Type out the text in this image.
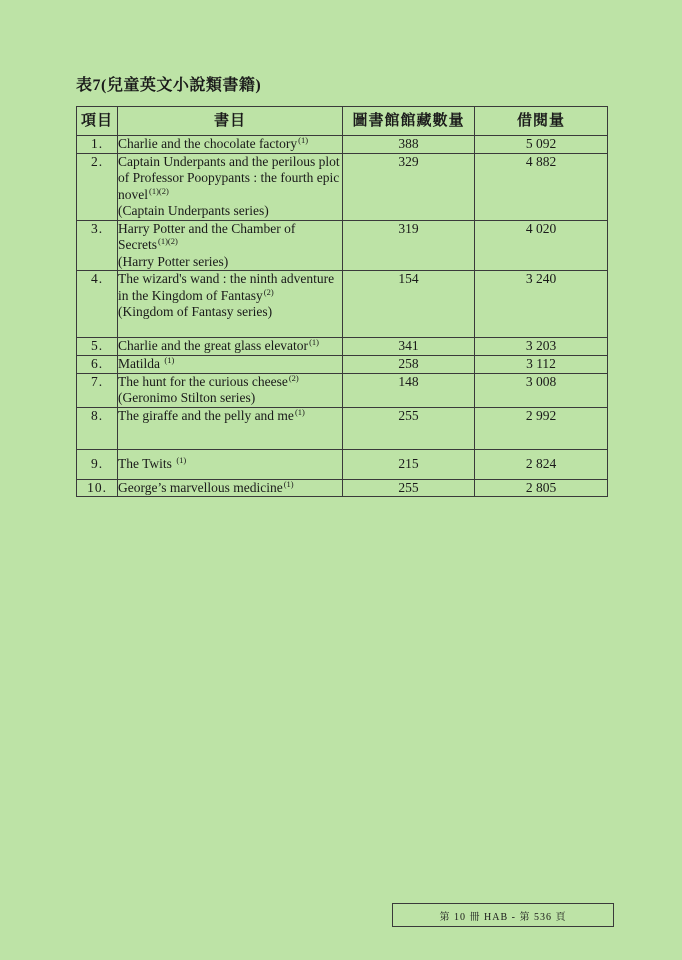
表7(兒童英文小說類書籍)
項目	書目	圖書館館藏數量	借閱量
1.	Charlie and the chocolate factory$^{(1)}$	388	5 092
2.	Captain Underpants and the perilous plot of Professor Poopypants : the fourth epic novel$^{(1)(2)}$
(Captain Underpants series)	329	4 882
3.	Harry Potter and the Chamber of Secrets$^{(1)(2)}$
(Harry Potter series)	319	4 020
4.	The wizard's wand : the ninth adventure in the Kingdom of Fantasy$^{(2)}$
(Kingdom of Fantasy series)	154	3 240
5.	Charlie and the great glass elevator$^{(1)}$	341	3 203
6.	Matilda $^{(1)}$	258	3 112
7.	The hunt for the curious cheese$^{(2)}$
(Geronimo Stilton series)	148	3 008
8.	The giraffe and the pelly and $me^{(1)}$	255	2 992
9.	The Twits $^{(1)}$	215	2 824
10.	George’s marvellous medicine$^{(1)}$	255	2 805
第 10 冊 HAB - 第 536 頁
